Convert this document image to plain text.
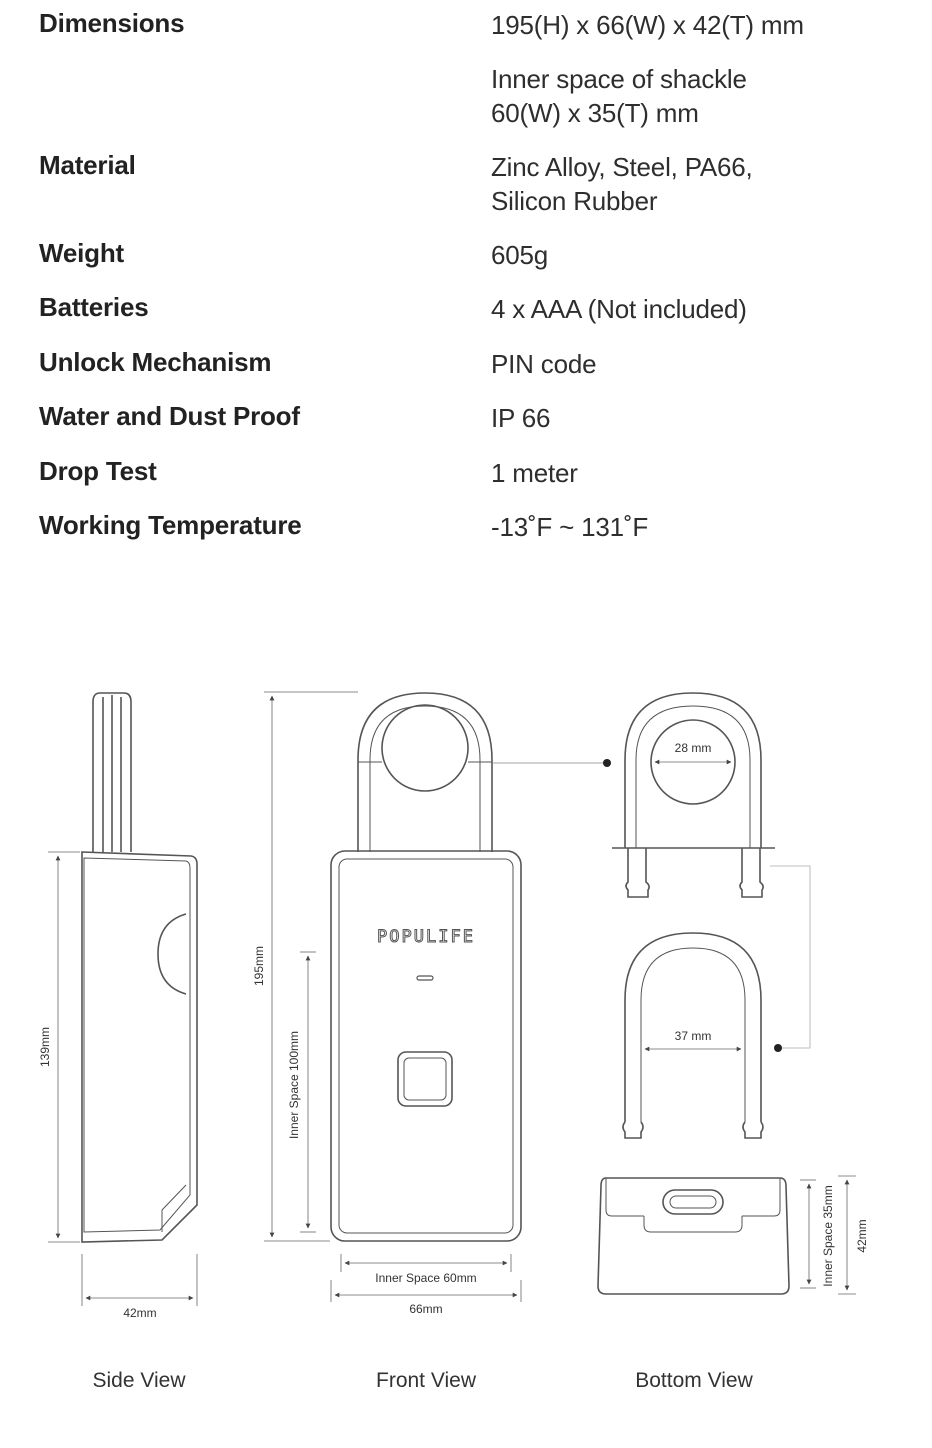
Dimensions	195(H) x 66(W) x 42(T) mm
Inner space of shackle
60(W) x 35(T) mm
Material	Zinc Alloy, Steel, PA66,
Silicon Rubber
Weight	605g
Batteries	4 x AAA (Not included)
Unlock Mechanism	PIN code
Water and Dust Proof	IP 66
Drop Test	1 meter
Working Temperature	-13˚F ~ 131˚F
139mm
42mm
POPULIFE
195mm
Inner Space 100mm
Inner Space 60mm
66mm
28 mm
37 mm
Inner Space 35mm 42mm
Side View	Front View	Bottom View
